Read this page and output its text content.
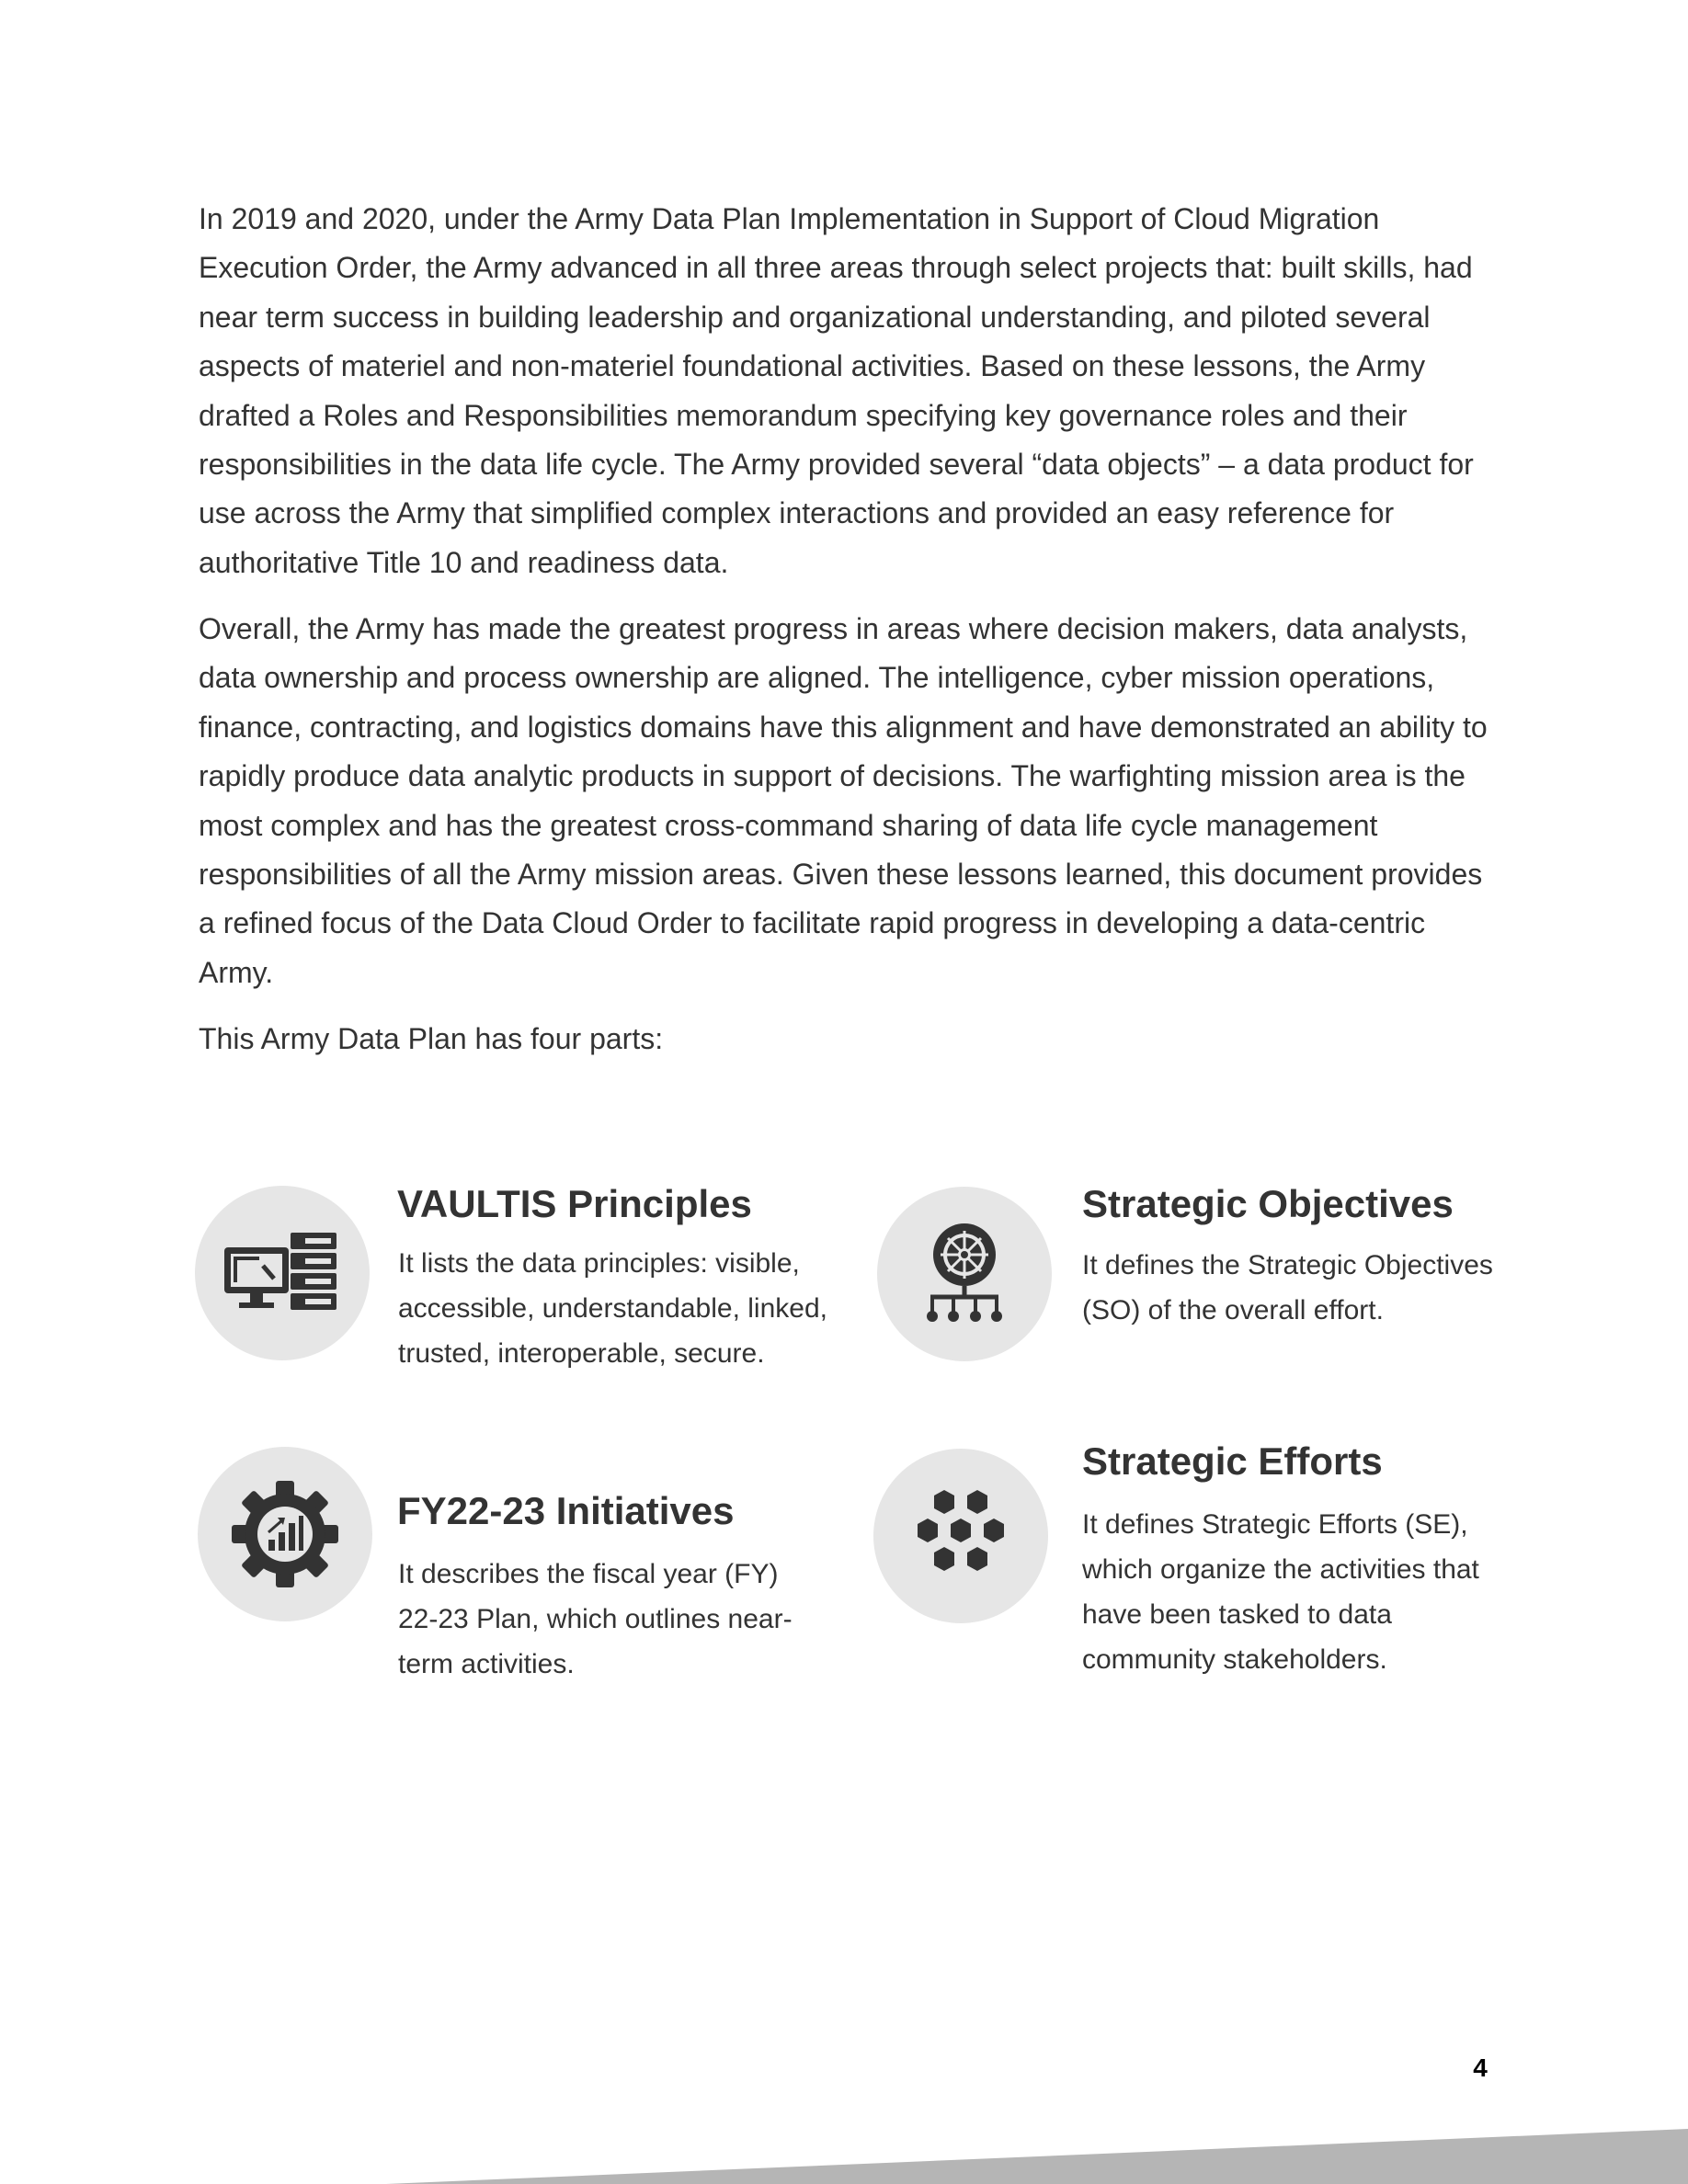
In 2019 and 2020, under the Army Data Plan Implementation in Support of Cloud Migration Execution Order, the Army advanced in all three areas through select projects that: built skills, had near term success in building leadership and organizational understanding, and piloted several aspects of materiel and non-materiel foundational activities. Based on these lessons, the Army drafted a Roles and Responsibilities memorandum specifying key governance roles and their responsibilities in the data life cycle. The Army provided several “data objects” – a data product for use across the Army that simplified complex interactions and provided an easy reference for authoritative Title 10 and readiness data.

Overall, the Army has made the greatest progress in areas where decision makers, data analysts, data ownership and process ownership are aligned. The intelligence, cyber mission operations, finance, contracting, and logistics domains have this alignment and have demonstrated an ability to rapidly produce data analytic products in support of decisions. The warfighting mission area is the most complex and has the greatest cross-command sharing of data life cycle management responsibilities of all the Army mission areas. Given these lessons learned, this document provides a refined focus of the Data Cloud Order to facilitate rapid progress in developing a data-centric Army.

This Army Data Plan has four parts:

VAULTIS Principles

It lists the data principles: visible, accessible, understandable, linked, trusted, interoperable, secure.

Strategic Objectives

It defines the Strategic Objectives (SO) of the overall effort.

FY22-23 Initiatives

It describes the fiscal year (FY) 22-23 Plan, which outlines near-term activities.

Strategic Efforts

It defines Strategic Efforts (SE), which organize the activities that have been tasked to data community stakeholders.

4
